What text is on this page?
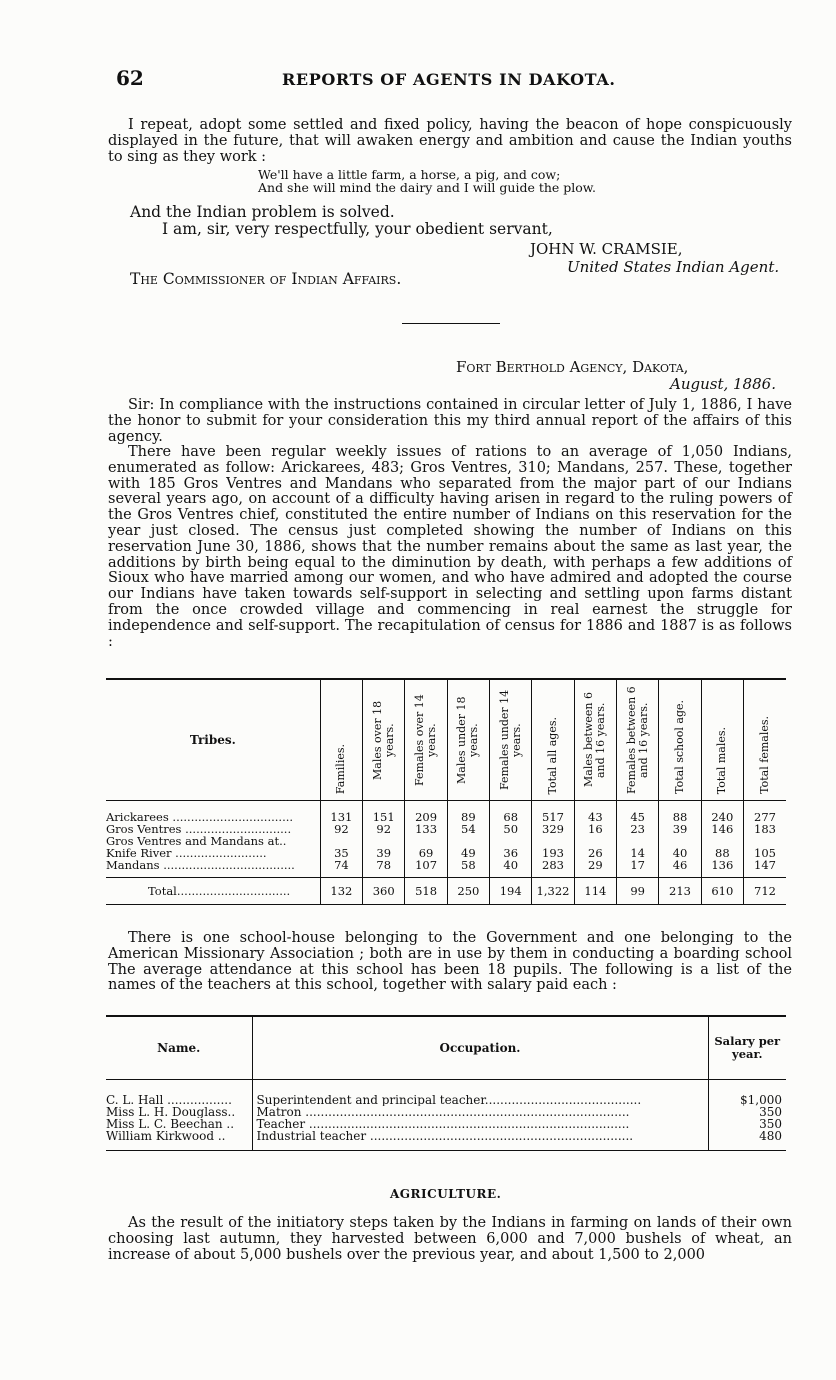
62	REPORTS OF AGENTS IN DAKOTA.

I repeat, adopt some settled and fixed policy, having the beacon of hope conspicuously displayed in the future, that will awaken energy and ambition and cause the Indian youths to sing as they work :

We'll have a little farm, a horse, a pig, and cow;
And she will mind the dairy and I will guide the plow.
And the Indian problem is solved.
I am, sir, very respectfully, your obedient servant,
JOHN W. CRAMSIE,
United States Indian Agent.
The Commissioner of Indian Affairs.
Fort Berthold Agency, Dakota,
August, 1886.

Sir: In compliance with the instructions contained in circular letter of July 1, 1886, I have the honor to submit for your consideration this my third annual report of the affairs of this agency.

There have been regular weekly issues of rations to an average of 1,050 Indians, enumerated as follow: Arickarees, 483; Gros Ventres, 310; Mandans, 257. These, together with 185 Gros Ventres and Mandans who separated from the major part of our Indians several years ago, on account of a difficulty having arisen in regard to the ruling powers of the Gros Ventres chief, constituted the entire number of Indians on this reservation for the year just closed. The census just completed showing the number of Indians on this reservation June 30, 1886, shows that the number remains about the same as last year, the additions by birth being equal to the diminution by death, with perhaps a few additions of Sioux who have married among our women, and who have admired and adopted the course our Indians have taken towards self-support in selecting and settling upon farms distant from the once crowded village and commencing in real earnest the struggle for independence and self-support. The recapitulation of census for 1886 and 1887 is as follows :

Tribes.	Families.	Males over 18 years.	Females over 14 years.	Males under 18 years.	Females under 14 years.	Total all ages.	Males between 6 and 16 years.	Females between 6 and 16 years.	Total school age.	Total males.	Total females.

Arickarees .................................	131	151	209	89	68	517	43	45	88	240	277
Gros Ventres .............................	92	92	133	54	50	329	16	23	39	146	183
Gros Ventres and Mandans at..											
Knife River .........................	35	39	69	49	36	193	26	14	40	88	105
Mandans ....................................	74	78	107	58	40	283	29	17	46	136	147
Total...............................	132	360	518	250	194	1,322	114	99	213	610	712

There is one school-house belonging to the Government and one belonging to the American Missionary Association ; both are in use by them in conducting a boarding school The average attendance at this school has been 18 pupils. The following is a list of the names of the teachers at this school, together with salary paid each :

Name.	Occupation.	Salary per year.
C. L. Hall .................	Superintendent and principal teacher.........................................	$1,000
Miss L. H. Douglass..	Matron .....................................................................................	350
Miss L. C. Beechan ..	Teacher ....................................................................................	350
William Kirkwood ..	Industrial teacher .....................................................................	480
AGRICULTURE.

As the result of the initiatory steps taken by the Indians in farming on lands of their own choosing last autumn, they harvested between 6,000 and 7,000 bushels of wheat, an increase of about 5,000 bushels over the previous year, and about 1,500 to 2,000
